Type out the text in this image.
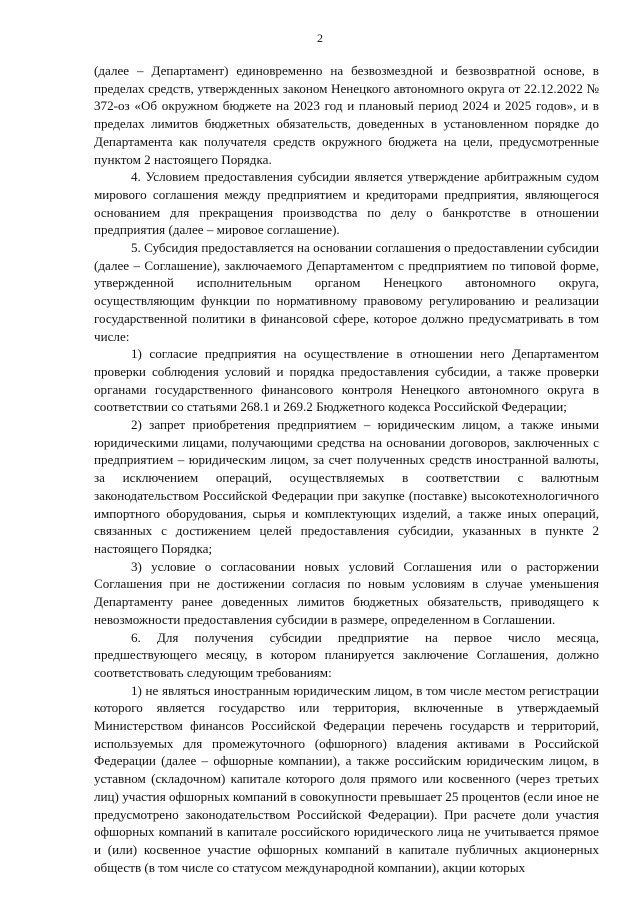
2

(далее – Департамент) единовременно на безвозмездной и безвозвратной основе, в пределах средств, утвержденных законом Ненецкого автономного округа от 22.12.2022 № 372-оз «Об окружном бюджете на 2023 год и плановый период 2024 и 2025 годов», и в пределах лимитов бюджетных обязательств, доведенных в установленном порядке до Департамента как получателя средств окружного бюджета на цели, предусмотренные пунктом 2 настоящего Порядка.

4. Условием предоставления субсидии является утверждение арбитражным судом мирового соглашения между предприятием и кредиторами предприятия, являющегося основанием для прекращения производства по делу о банкротстве в отношении предприятия (далее – мировое соглашение).

5. Субсидия предоставляется на основании соглашения о предоставлении субсидии (далее – Соглашение), заключаемого Департаментом с предприятием по типовой форме, утвержденной исполнительным органом Ненецкого автономного округа, осуществляющим функции по нормативному правовому регулированию и реализации государственной политики в финансовой сфере, которое должно предусматривать в том числе:

1) согласие предприятия на осуществление в отношении него Департаментом проверки соблюдения условий и порядка предоставления субсидии, а также проверки органами государственного финансового контроля Ненецкого автономного округа в соответствии со статьями 268.1 и 269.2 Бюджетного кодекса Российской Федерации;

2) запрет приобретения предприятием – юридическим лицом, а также иными юридическими лицами, получающими средства на основании договоров, заключенных с предприятием – юридическим лицом, за счет полученных средств иностранной валюты, за исключением операций, осуществляемых в соответствии с валютным законодательством Российской Федерации при закупке (поставке) высокотехнологичного импортного оборудования, сырья и комплектующих изделий, а также иных операций, связанных с достижением целей предоставления субсидии, указанных в пункте 2 настоящего Порядка;

3) условие о согласовании новых условий Соглашения или о расторжении Соглашения при не достижении согласия по новым условиям в случае уменьшения Департаменту ранее доведенных лимитов бюджетных обязательств, приводящего к невозможности предоставления субсидии в размере, определенном в Соглашении.

6. Для получения субсидии предприятие на первое число месяца, предшествующего месяцу, в котором планируется заключение Соглашения, должно соответствовать следующим требованиям:

1) не являться иностранным юридическим лицом, в том числе местом регистрации которого является государство или территория, включенные в утверждаемый Министерством финансов Российской Федерации перечень государств и территорий, используемых для промежуточного (офшорного) владения активами в Российской Федерации (далее – офшорные компании), а также российским юридическим лицом, в уставном (складочном) капитале которого доля прямого или косвенного (через третьих лиц) участия офшорных компаний в совокупности превышает 25 процентов (если иное не предусмотрено законодательством Российской Федерации). При расчете доли участия офшорных компаний в капитале российского юридического лица не учитывается прямое и (или) косвенное участие офшорных компаний в капитале публичных акционерных обществ (в том числе со статусом международной компании), акции которых
